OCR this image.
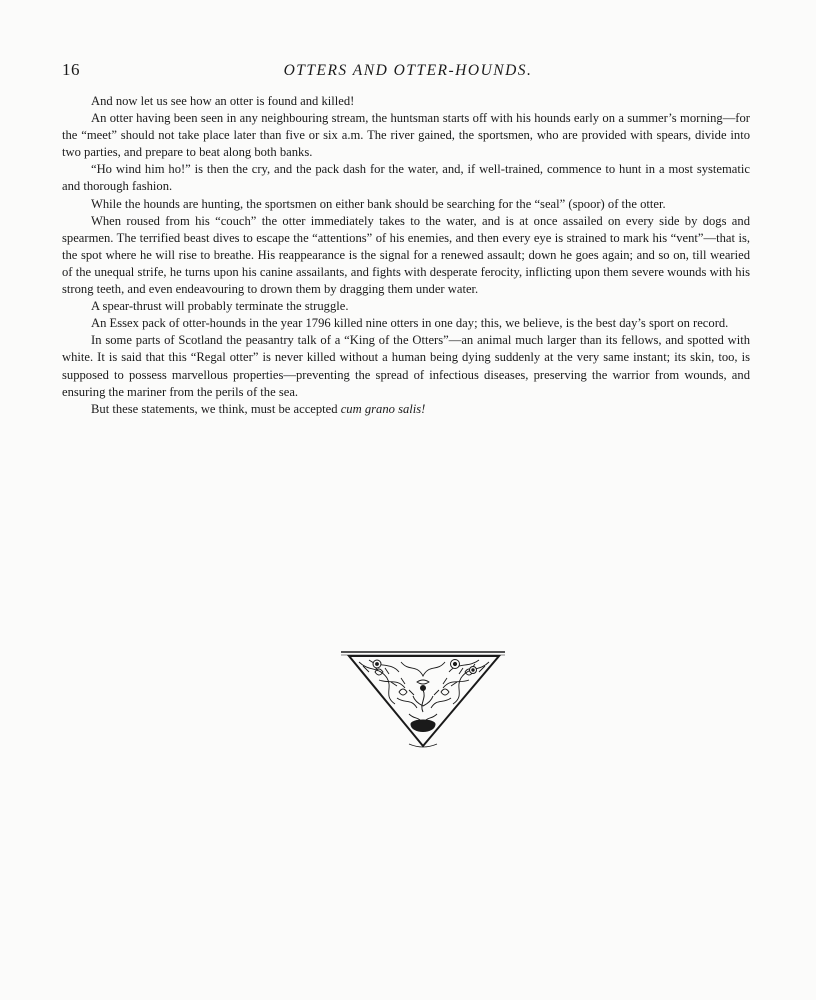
16	OTTERS AND OTTER-HOUNDS.

And now let us see how an otter is found and killed!

An otter having been seen in any neighbouring stream, the huntsman starts off with his hounds early on a summer’s morning—for the “meet” should not take place later than five or six a.m. The river gained, the sportsmen, who are provided with spears, divide into two parties, and prepare to beat along both banks.

“Ho wind him ho!” is then the cry, and the pack dash for the water, and, if well-trained, commence to hunt in a most systematic and thorough fashion.

While the hounds are hunting, the sportsmen on either bank should be searching for the “seal” (spoor) of the otter.

When roused from his “couch” the otter immediately takes to the water, and is at once assailed on every side by dogs and spearmen. The terrified beast dives to escape the “attentions” of his enemies, and then every eye is strained to mark his “vent”—that is, the spot where he will rise to breathe. His reappearance is the signal for a renewed assault; down he goes again; and so on, till wearied of the unequal strife, he turns upon his canine assailants, and fights with desperate ferocity, inflicting upon them severe wounds with his strong teeth, and even endeavouring to drown them by dragging them under water.

A spear-thrust will probably terminate the struggle.

An Essex pack of otter-hounds in the year 1796 killed nine otters in one day; this, we believe, is the best day’s sport on record.

In some parts of Scotland the peasantry talk of a “King of the Otters”—an animal much larger than its fellows, and spotted with white. It is said that this “Regal otter” is never killed without a human being dying suddenly at the very same instant; its skin, too, is supposed to possess marvellous properties—preventing the spread of infectious diseases, preserving the warrior from wounds, and ensuring the mariner from the perils of the sea.

But these statements, we think, must be accepted cum grano salis!
